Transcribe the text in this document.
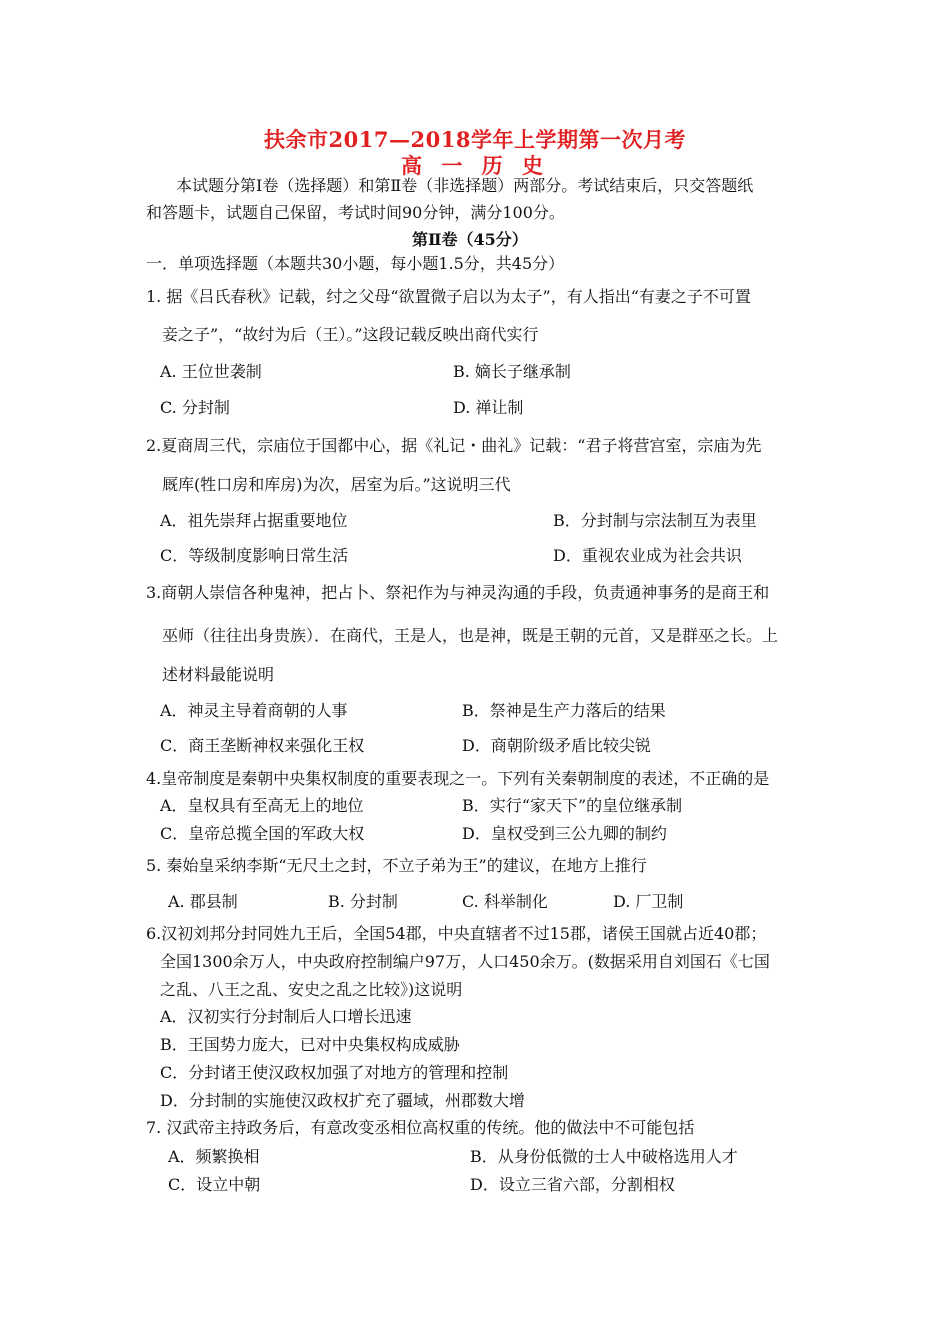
扶余市2017—2018学年上学期第一次月考
高 一 历 史
本试题分第Ⅰ卷（选择题）和第Ⅱ卷（非选择题）两部分。考试结束后，只交答题纸
和答题卡，试题自己保留，考试时间90分钟，满分100分。
第Ⅱ卷（45分）
一．单项选择题（本题共30小题，每小题1.5分，共45分）
1. 据《吕氏春秋》记载，纣之父母“欲置微子启以为太子”，有人指出“有妻之子不可置
妾之子”，“故纣为后（王）。”这段记载反映出商代实行
A. 王位世袭制	B. 嫡长子继承制
C. 分封制	D. 禅让制
2.夏商周三代，宗庙位于国都中心，据《礼记・曲礼》记载：“君子将营宫室，宗庙为先
厩库(牲口房和库房)为次，居室为后。”这说明三代
A．祖先崇拜占据重要地位	B．分封制与宗法制互为表里
C．等级制度影响日常生活	D．重视农业成为社会共识
3.商朝人崇信各种鬼神，把占卜、祭祀作为与神灵沟通的手段，负责通神事务的是商王和
巫师（往往出身贵族）．在商代，王是人，也是神，既是王朝的元首，又是群巫之长。上
述材料最能说明
A．神灵主导着商朝的人事	B．祭神是生产力落后的结果
C．商王垄断神权来强化王权	D．商朝阶级矛盾比较尖锐
4.皇帝制度是秦朝中央集权制度的重要表现之一。下列有关秦朝制度的表述，不正确的是
A．皇权具有至高无上的地位	B．实行“家天下”的皇位继承制
C．皇帝总揽全国的军政大权	D．皇权受到三公九卿的制约
5. 秦始皇采纳李斯“无尺土之封，不立子弟为王”的建议，在地方上推行
A. 郡县制	B. 分封制	C. 科举制化	D. 厂卫制
6.汉初刘邦分封同姓九王后，全国54郡，中央直辖者不过15郡，诸侯王国就占近40郡；
全国1300余万人，中央政府控制编户97万，人口450余万。(数据采用自刘国石《七国
之乱、八王之乱、安史之乱之比较》)这说明
A．汉初实行分封制后人口增长迅速
B．王国势力庞大，已对中央集权构成威胁
C．分封诸王使汉政权加强了对地方的管理和控制
D．分封制的实施使汉政权扩充了疆域，州郡数大增
7. 汉武帝主持政务后，有意改变丞相位高权重的传统。他的做法中不可能包括
A．频繁换相	B．从身份低微的士人中破格选用人才
C．设立中朝	D．设立三省六部，分割相权
